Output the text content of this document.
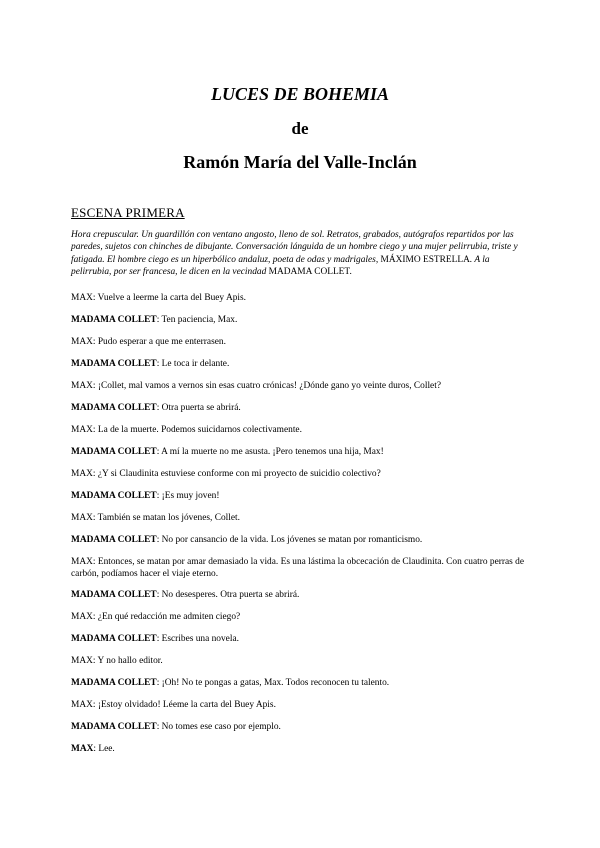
LUCES DE BOHEMIA
de
Ramón María del Valle-Inclán
ESCENA PRIMERA
Hora crepuscular. Un guardillón con ventano angosto, lleno de sol. Retratos, grabados, autógrafos repartidos por las paredes, sujetos con chinches de dibujante. Conversación lánguida de un hombre ciego y una mujer pelirrubia, triste y fatigada. El hombre ciego es un hiperbólico andaluz, poeta de odas y madrigales, MÁXIMO ESTRELLA. A la pelirrubia, por ser francesa, le dicen en la vecindad MADAMA COLLET.
MAX: Vuelve a leerme la carta del Buey Apis.
MADAMA COLLET: Ten paciencia, Max.
MAX: Pudo esperar a que me enterrasen.
MADAMA COLLET: Le toca ir delante.
MAX: ¡Collet, mal vamos a vernos sin esas cuatro crónicas! ¿Dónde gano yo veinte duros, Collet?
MADAMA COLLET: Otra puerta se abrirá.
MAX: La de la muerte. Podemos suicidarnos colectivamente.
MADAMA COLLET: A mí la muerte no me asusta. ¡Pero tenemos una hija, Max!
MAX: ¿Y si Claudinita estuviese conforme con mi proyecto de suicidio colectivo?
MADAMA COLLET: ¡Es muy joven!
MAX: También se matan los jóvenes, Collet.
MADAMA COLLET: No por cansancio de la vida. Los jóvenes se matan por romanticismo.
MAX: Entonces, se matan por amar demasiado la vida. Es una lástima la obcecación de Claudinita. Con cuatro perras de carbón, podíamos hacer el viaje eterno.
MADAMA COLLET: No desesperes. Otra puerta se abrirá.
MAX: ¿En qué redacción me admiten ciego?
MADAMA COLLET: Escribes una novela.
MAX: Y no hallo editor.
MADAMA COLLET: ¡Oh! No te pongas a gatas, Max. Todos reconocen tu talento.
MAX: ¡Estoy olvidado! Léeme la carta del Buey Apis.
MADAMA COLLET: No tomes ese caso por ejemplo.
MAX: Lee.
